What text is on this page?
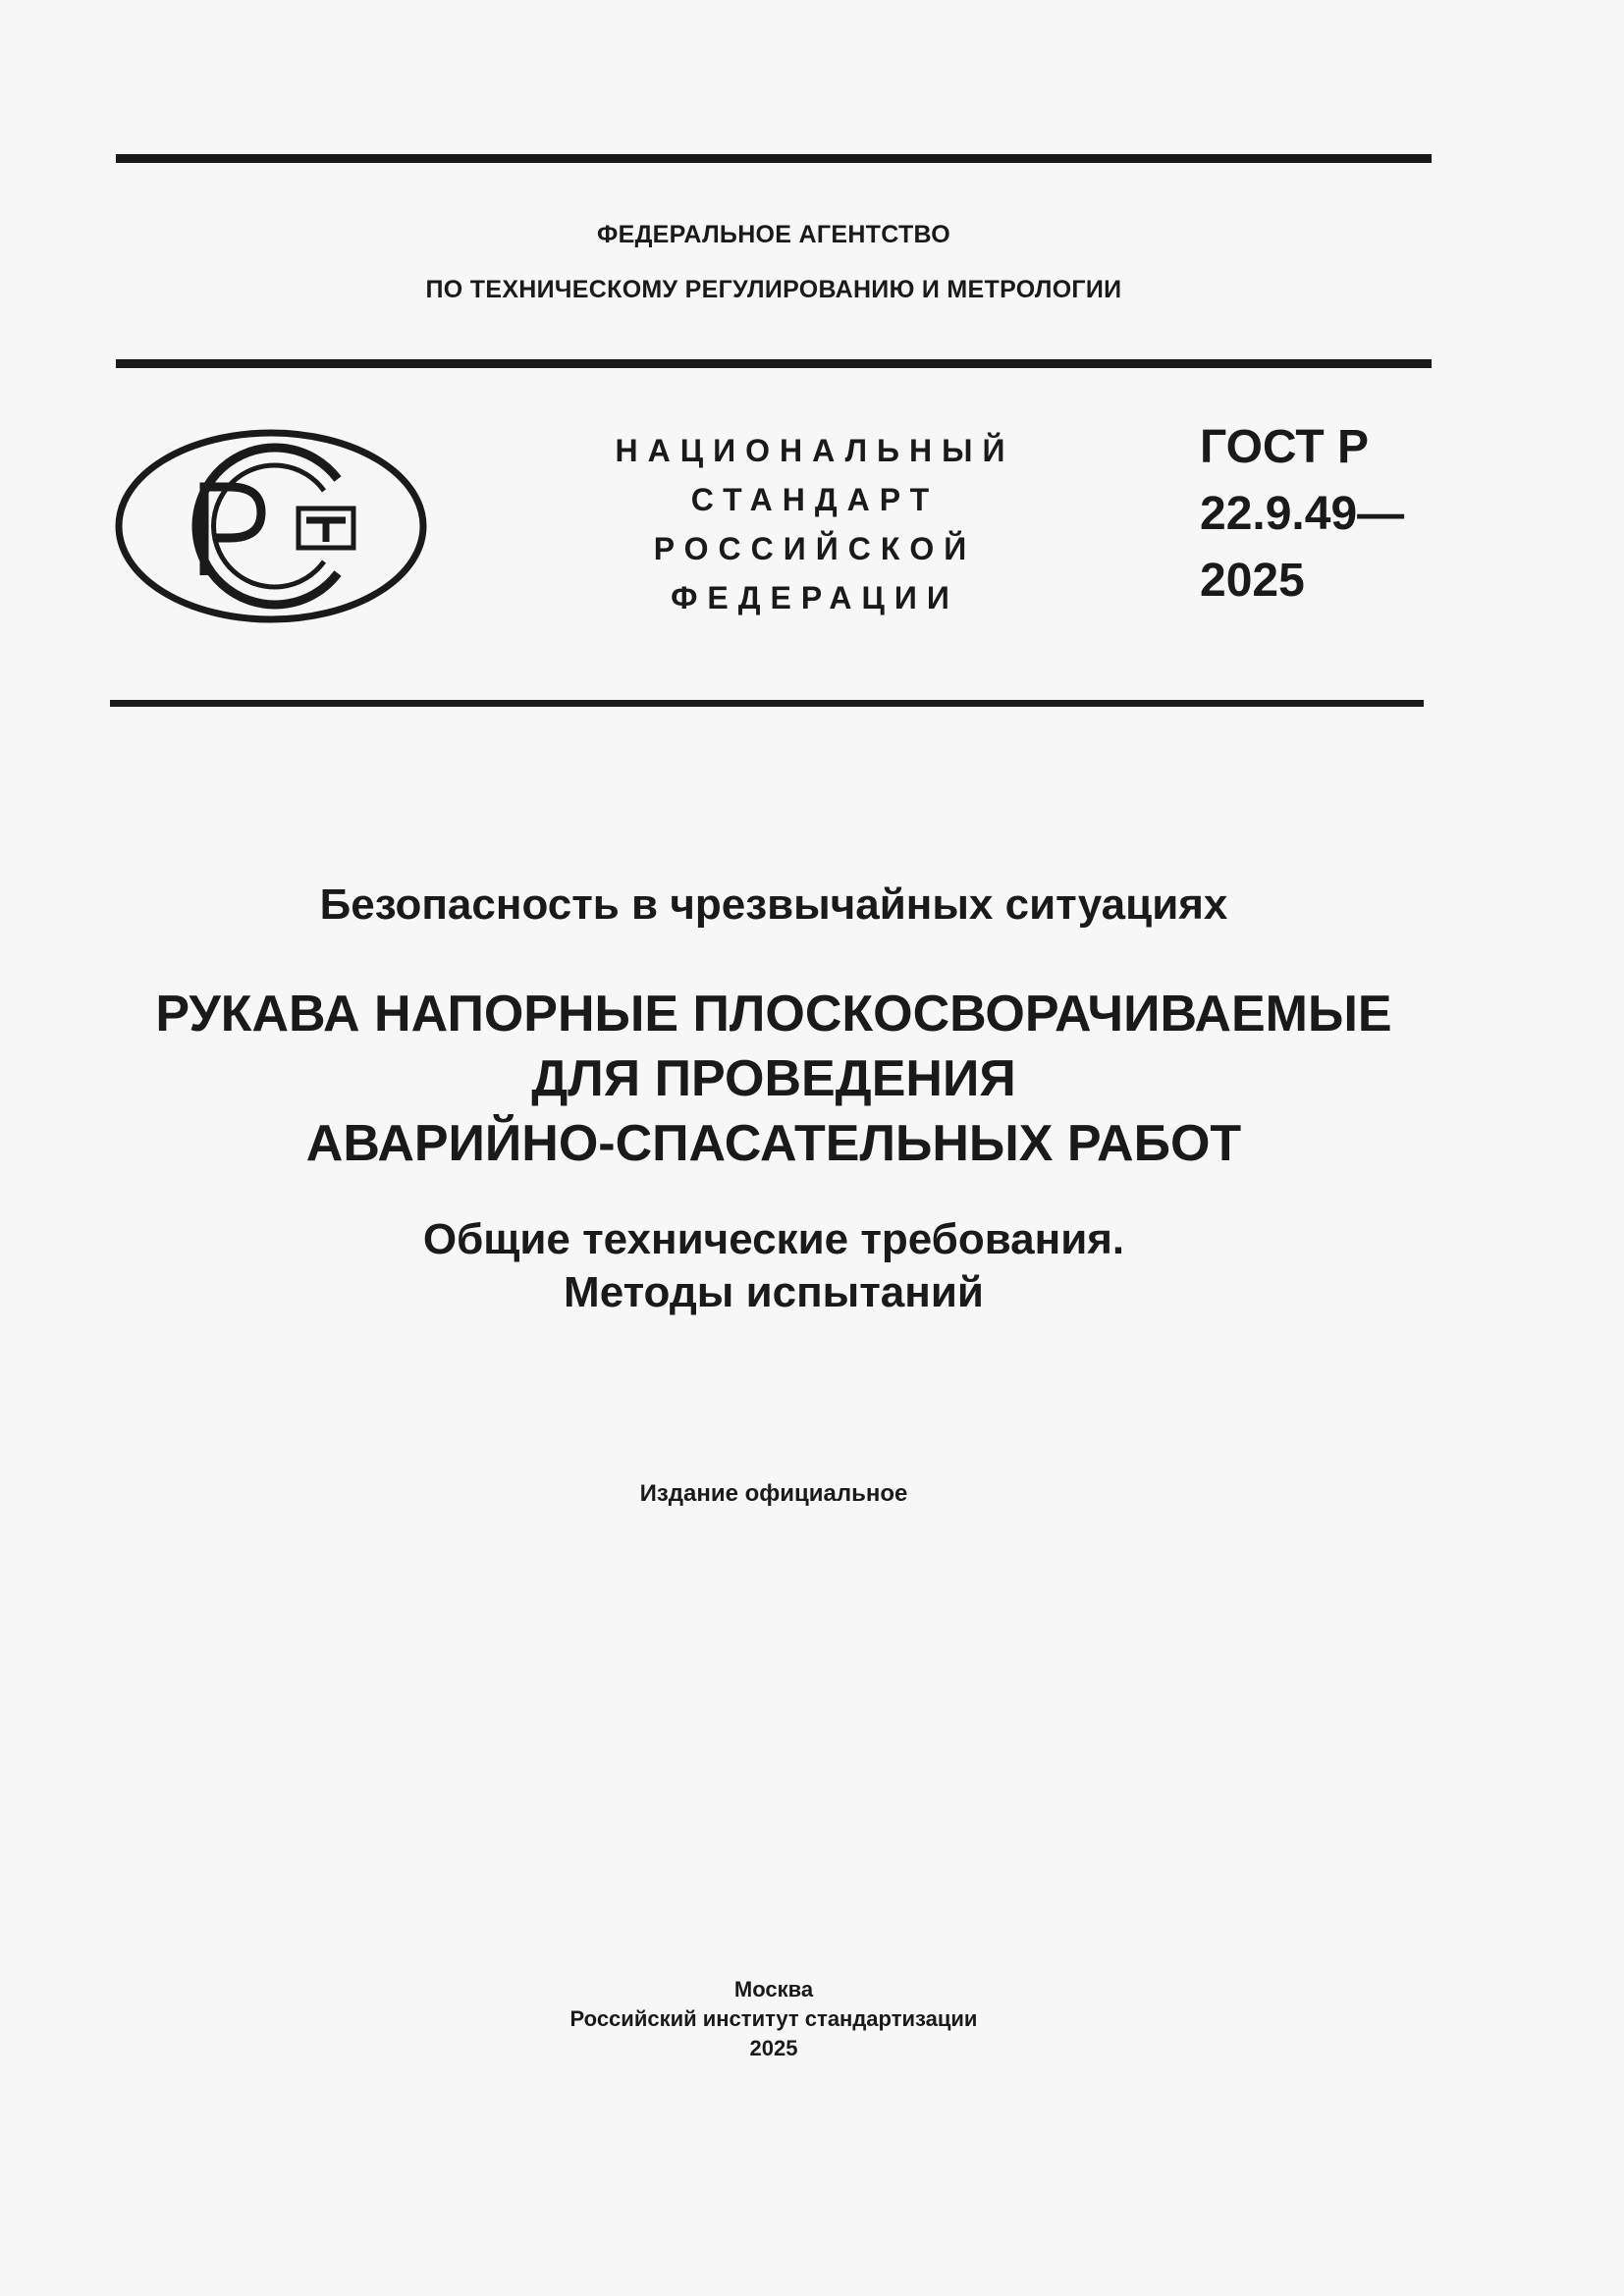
ФЕДЕРАЛЬНОЕ АГЕНТСТВО
ПО ТЕХНИЧЕСКОМУ РЕГУЛИРОВАНИЮ И МЕТРОЛОГИИ
НАЦИОНАЛЬНЫЙ
СТАНДАРТ
РОССИЙСКОЙ
ФЕДЕРАЦИИ
ГОСТ Р
22.9.49—
2025
Безопасность в чрезвычайных ситуациях
РУКАВА НАПОРНЫЕ ПЛОСКОСВОРАЧИВАЕМЫЕ
ДЛЯ ПРОВЕДЕНИЯ
АВАРИЙНО-СПАСАТЕЛЬНЫХ РАБОТ
Общие технические требования.
Методы испытаний
Издание официальное
Москва
Российский институт стандартизации
2025
